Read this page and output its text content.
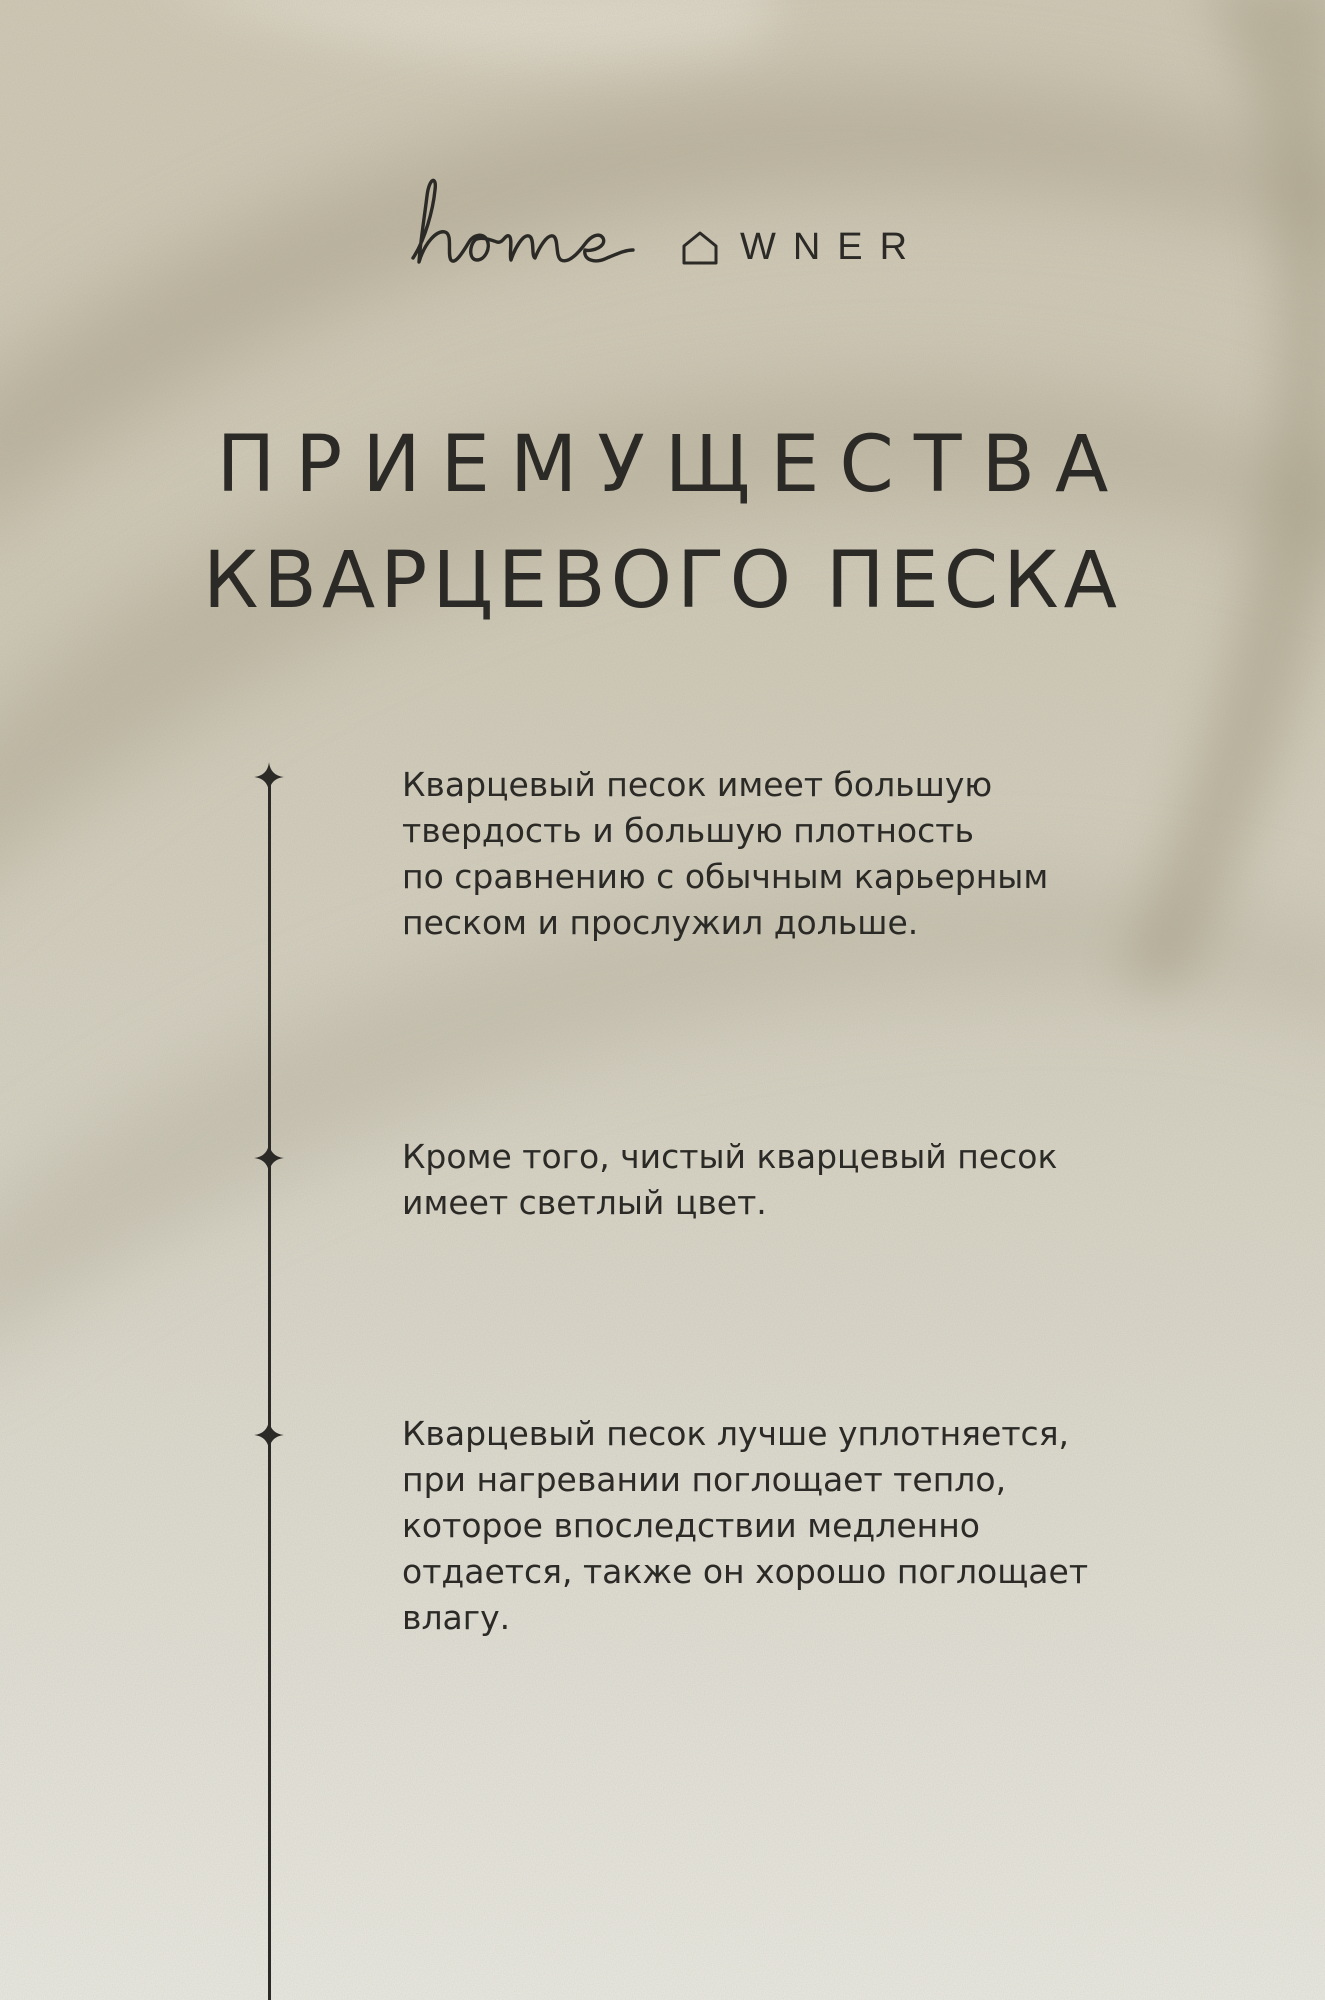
WNER
ПРИЕМУЩЕСТВА
КВАРЦЕВОГО ПЕСКА

Кварцевый песок имеет большую
твердость и большую плотность
по сравнению с обычным карьерным
песком и прослужил дольше.

Кроме того, чистый кварцевый песок
имеет светлый цвет.

Кварцевый песок лучше уплотняется,
при нагревании поглощает тепло,
которое впоследствии медленно
отдается, также он хорошо поглощает
влагу.
